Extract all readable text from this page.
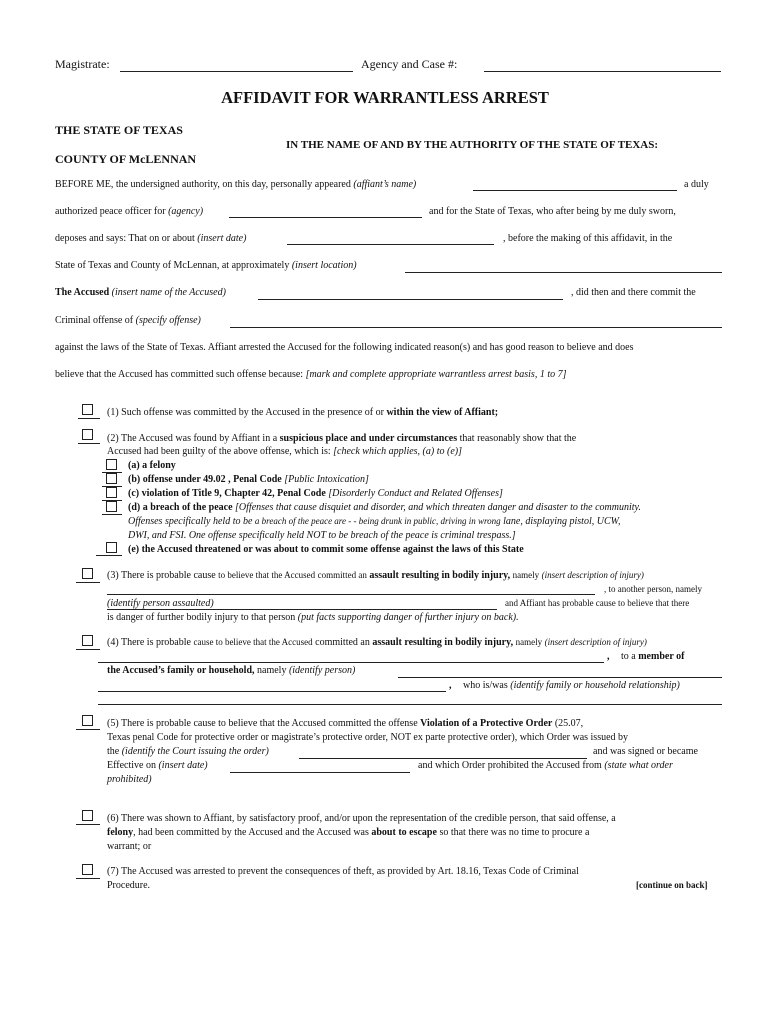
Magistrate:	Agency and Case #:
AFFIDAVIT FOR WARRANTLESS ARREST
THE STATE OF TEXAS
IN THE NAME OF AND BY THE AUTHORITY OF THE STATE OF TEXAS:
COUNTY OF McLENNAN
BEFORE ME, the undersigned authority, on this day, personally appeared (affiant’s name)	a duly
authorized peace officer for (agency)	and for the State of Texas, who after being by me duly sworn,
deposes and says: That on or about (insert date)	, before the making of this affidavit, in the
State of Texas and County of McLennan, at approximately (insert location)
The Accused (insert name of the Accused)	, did then and there commit the
Criminal offense of (specify offense)
against the laws of the State of Texas. Affiant arrested the Accused for the following indicated reason(s) and has good reason to believe and does
believe that the Accused has committed such offense because: [mark and complete appropriate warrantless arrest basis, 1 to 7]
(1) Such offense was committed by the Accused in the presence of or within the view of Affiant;
(2) The Accused was found by Affiant in a suspicious place and under circumstances that reasonably show that the
Accused had been guilty of the above offense, which is: [check which applies, (a) to (e)]
(a) a felony
(b) offense under 49.02 , Penal Code [Public Intoxication]
(c) violation of Title 9, Chapter 42, Penal Code [Disorderly Conduct and Related Offenses]
(d) a breach of the peace [Offenses that cause disquiet and disorder, and which threaten danger and disaster to the community.
Offenses specifically held to be a breach of the peace are - - being drunk in public, driving in wrong lane, displaying pistol, UCW,
DWI, and FSI. One offense specifically held NOT to be breach of the peace is criminal trespass.]
(e) the Accused threatened or was about to commit some offense against the laws of this State
(3) There is probable cause to believe that the Accused committed an assault resulting in bodily injury, namely (insert description of injury)
, to another person, namely
(identify person assaulted)	and Affiant has probable cause to believe that there
is danger of further bodily injury to that person (put facts supporting danger of further injury on back).
(4) There is probable cause to believe that the Accused committed an assault resulting in bodily injury, namely (insert description of injury)
, to a member of
the Accused’s family or household, namely (identify person)
, who is/was (identify family or household relationship)
(5) There is probable cause to believe that the Accused committed the offense Violation of a Protective Order (25.07,
Texas penal Code for protective order or magistrate’s protective order, NOT ex parte protective order), which Order was issued by
the (identify the Court issuing the order)	and was signed or became
Effective on (insert date)	and which Order prohibited the Accused from (state what order
prohibited)
(6) There was shown to Affiant, by satisfactory proof, and/or upon the representation of the credible person, that said offense, a
felony, had been committed by the Accused and the Accused was about to escape so that there was no time to procure a
warrant; or
(7) The Accused was arrested to prevent the consequences of theft, as provided by Art. 18.16, Texas Code of Criminal
Procedure.	[continue on back]
